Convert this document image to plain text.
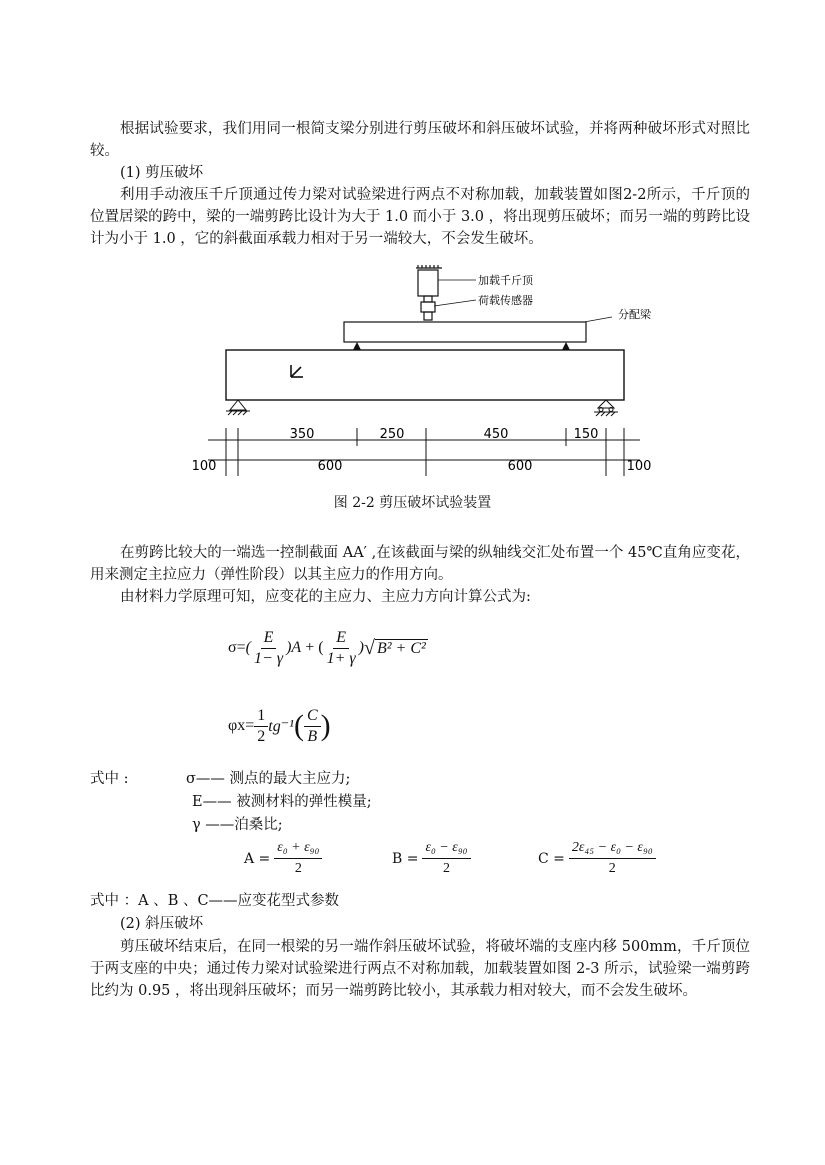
根据试验要求，我们用同一根简支梁分别进行剪压破坏和斜压破坏试验，并将两种破坏形式对照比较。

(1) 剪压破坏

利用手动液压千斤顶通过传力梁对试验梁进行两点不对称加载，加载装置如图2-2所示，千斤顶的位置居梁的跨中，梁的一端剪跨比设计为大于 1.0 而小于 3.0 ，将出现剪压破坏；而另一端的剪跨比设计为小于 1.0 ，它的斜截面承载力相对于另一端较大，不会发生破坏。

加载千斤顶
荷载传感器
分配梁
350	250	450	150
100	600	600	100
图 2-2 剪压破坏试验装置

在剪跨比较大的一端选一控制截面 AA′ ,在该截面与梁的纵轴线交汇处布置一个 45℃直角应变花，用来测定主拉应力（弹性阶段）以其主应力的作用方向。

由材料力学原理可知，应变花的主应力、主应力方向计算公式为:

σ= ( $\frac{E}{1- \gamma}$ ) A + ( $\frac{E}{1+ \gamma}$ ) √ B² + C²
$\varphi x= \frac{1}{2} tg^{-1}$ ( $\frac{C}{B}$ )
式中 :	σ—— 测点的最大主应力;
E—— 被测材料的弹性模量;
γ ——泊桑比;
$A = \frac{\text{ε₀ + ε₉₀}}{2}$	$B = \frac{\text{ε₀ − ε₉₀}}{2}$	$C = \frac{\text{2ε₄₅ − ε₀ − ε₉₀}}{2}$
式中 ：A 、B 、C——应变花型式参数
(2) 斜压破坏

剪压破坏结束后，在同一根梁的另一端作斜压破坏试验，将破坏端的支座内移 500mm，千斤顶位于两支座的中央；通过传力梁对试验梁进行两点不对称加载，加载装置如图 2-3 所示，试验梁一端剪跨比约为 0.95 ，将出现斜压破坏；而另一端剪跨比较小，其承载力相对较大，而不会发生破坏。
